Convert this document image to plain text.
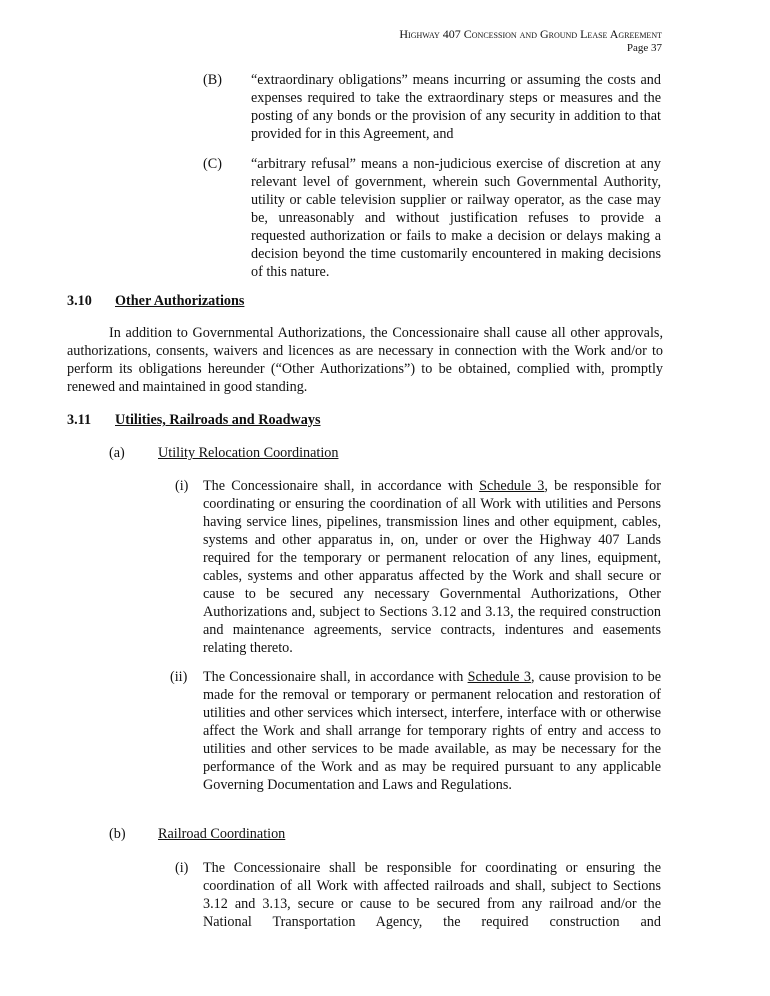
Highway 407 Concession and Ground Lease Agreement
Page 37
(B) “extraordinary obligations” means incurring or assuming the costs and expenses required to take the extraordinary steps or measures and the posting of any bonds or the provision of any security in addition to that provided for in this Agreement, and
(C) “arbitrary refusal” means a non-judicious exercise of discretion at any relevant level of government, wherein such Governmental Authority, utility or cable television supplier or railway operator, as the case may be, unreasonably and without justification refuses to provide a requested authorization or fails to make a decision or delays making a decision beyond the time customarily encountered in making decisions of this nature.
3.10 Other Authorizations
In addition to Governmental Authorizations, the Concessionaire shall cause all other approvals, authorizations, consents, waivers and licences as are necessary in connection with the Work and/or to perform its obligations hereunder (“Other Authorizations”) to be obtained, complied with, promptly renewed and maintained in good standing.
3.11 Utilities, Railroads and Roadways
(a) Utility Relocation Coordination
(i) The Concessionaire shall, in accordance with Schedule 3, be responsible for coordinating or ensuring the coordination of all Work with utilities and Persons having service lines, pipelines, transmission lines and other equipment, cables, systems and other apparatus in, on, under or over the Highway 407 Lands required for the temporary or permanent relocation of any lines, equipment, cables, systems and other apparatus affected by the Work and shall secure or cause to be secured any necessary Governmental Authorizations, Other Authorizations and, subject to Sections 3.12 and 3.13, the required construction and maintenance agreements, service contracts, indentures and easements relating thereto.
(ii) The Concessionaire shall, in accordance with Schedule 3, cause provision to be made for the removal or temporary or permanent relocation and restoration of utilities and other services which intersect, interfere, interface with or otherwise affect the Work and shall arrange for temporary rights of entry and access to utilities and other services to be made available, as may be necessary for the performance of the Work and as may be required pursuant to any applicable Governing Documentation and Laws and Regulations.
(b) Railroad Coordination
(i) The Concessionaire shall be responsible for coordinating or ensuring the coordination of all Work with affected railroads and shall, subject to Sections 3.12 and 3.13, secure or cause to be secured from any railroad and/or the National Transportation Agency, the required construction and
